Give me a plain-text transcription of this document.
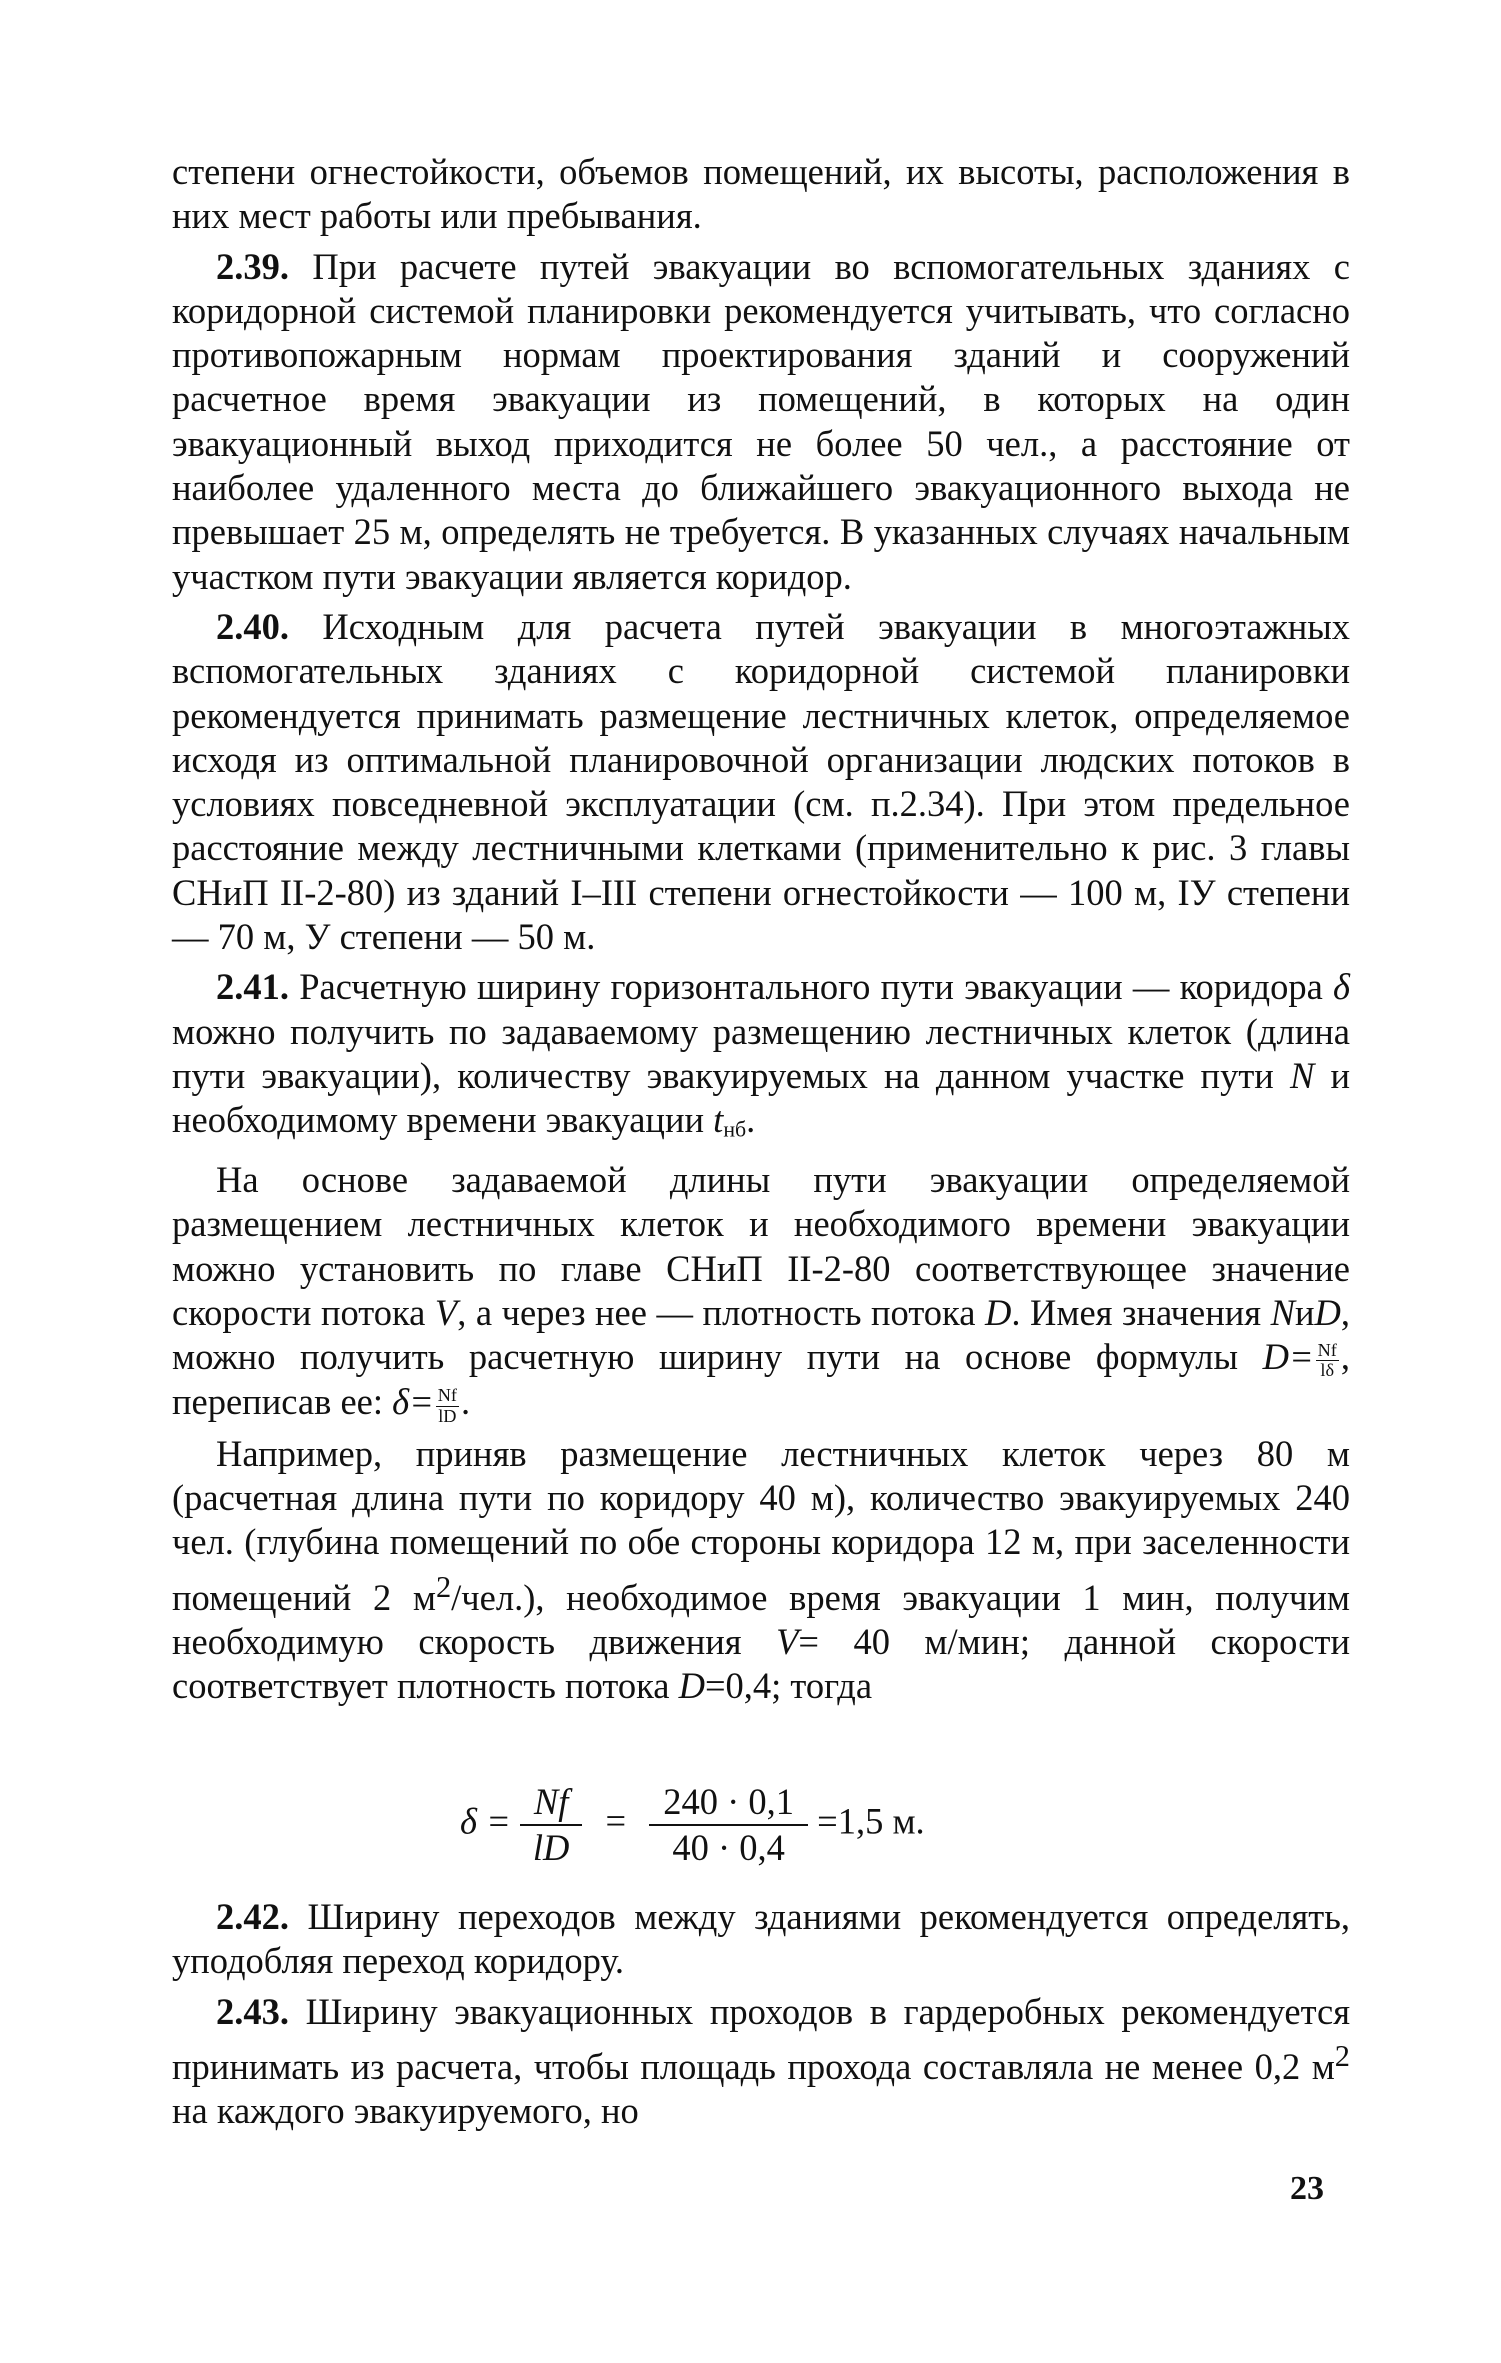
степени огнестойкости, объемов помещений, их высоты, расположения в них мест работы или пребывания.

2.39. При расчете путей эвакуации во вспомогательных зданиях с коридорной системой планировки рекомендуется учитывать, что согласно противопожарным нормам проектирования зданий и сооружений расчетное время эвакуации из помещений, в которых на один эвакуационный выход приходится не более 50 чел., а расстояние от наиболее удаленного места до ближайшего эвакуационного выхода не превышает 25 м, определять не требуется. В указанных случаях начальным участком пути эвакуации является коридор.

2.40. Исходным для расчета путей эвакуации в многоэтажных вспомогательных зданиях с коридорной системой планировки рекомендуется принимать размещение лестничных клеток, определяемое исходя из оптимальной планировочной организации людских потоков в условиях повседневной эксплуатации (см. п.2.34). При этом предельное расстояние между лестничными клетками (применительно к рис. 3 главы СНиП II-2-80) из зданий I–III степени огнестойкости — 100 м, IУ степени — 70 м, У степени — 50 м.

2.41. Расчетную ширину горизонтального пути эвакуации — коридора δ можно получить по задаваемому размещению лестничных клеток (длина пути эвакуации), количеству эвакуируемых на данном участке пути N и необходимому времени эвакуации $t_{нб}$.

На основе задаваемой длины пути эвакуации определяемой размещением лестничных клеток и необходимого времени эвакуации можно установить по главе СНиП II-2-80 соответствующее значение скорости потока V, а через нее — плотность потока D. Имея значения NиD, можно получить расчетную ширину пути на основе формулы $D= \frac{Nf}{l\delta}$ , переписав ее: $\delta= \frac{Nf}{lD}$ .

Например, приняв размещение лестничных клеток через 80 м (расчетная длина пути по коридору 40 м), количество эвакуируемых 240 чел. (глубина помещений по обе стороны коридора 12 м, при заселенности помещений 2 $м^2/чел$.), необходимое время эвакуации 1 мин, получим необходимую скорость движения V= 40 м/мин; данной скорости соответствует плотность потока D=0,4; тогда

$\delta = \frac{Nf}{lD} = \frac{240 \cdot 0,1}{40 \cdot 0,4} =1,5$ м.

2.42. Ширину переходов между зданиями рекомендуется определять, уподобляя переход коридору.

2.43. Ширину эвакуационных проходов в гардеробных рекомендуется принимать из расчета, чтобы площадь прохода составляла не менее 0,2 $м^2$ на каждого эвакуируемого, но

23
